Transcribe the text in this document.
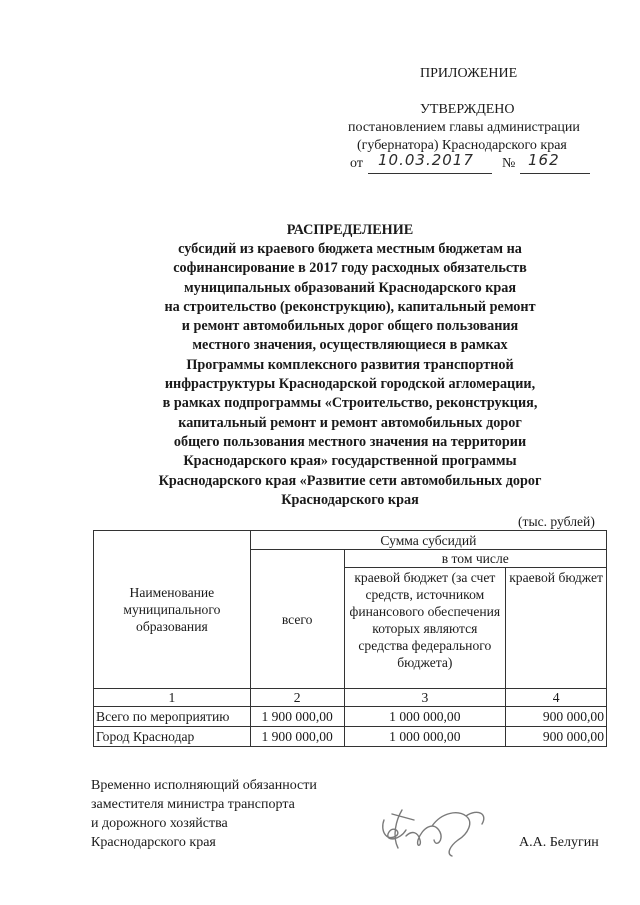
ПРИЛОЖЕНИЕ
УТВЕРЖДЕНО
постановлением главы администрации
(губернатора) Краснодарского края
от 10.03.2017 № 162
РАСПРЕДЕЛЕНИЕ
субсидий из краевого бюджета местным бюджетам на
софинансирование в 2017 году расходных обязательств
муниципальных образований Краснодарского края
на строительство (реконструкцию), капитальный ремонт
и ремонт автомобильных дорог общего пользования
местного значения, осуществляющиеся в рамках
Программы комплексного развития транспортной
инфраструктуры Краснодарской городской агломерации,
в рамках подпрограммы «Строительство, реконструкция,
капитальный ремонт и ремонт автомобильных дорог
общего пользования местного значения на территории
Краснодарского края» государственной программы
Краснодарского края «Развитие сети автомобильных дорог
Краснодарского края
(тыс. рублей)
Наименование муниципального образования	Сумма субсидий		
	всего	в том числе	
		краевой бюджет (за счет средств, источником финансового обеспечения которых являются средства федерального бюджета)	краевой бюджет
1	2	3	4
Всего по мероприятию	1 900 000,00	1 000 000,00	900 000,00
Город Краснодар	1 900 000,00	1 000 000,00	900 000,00
Временно исполняющий обязанности
заместителя министра транспорта
и дорожного хозяйства
Краснодарского края	А.А. Белугин
